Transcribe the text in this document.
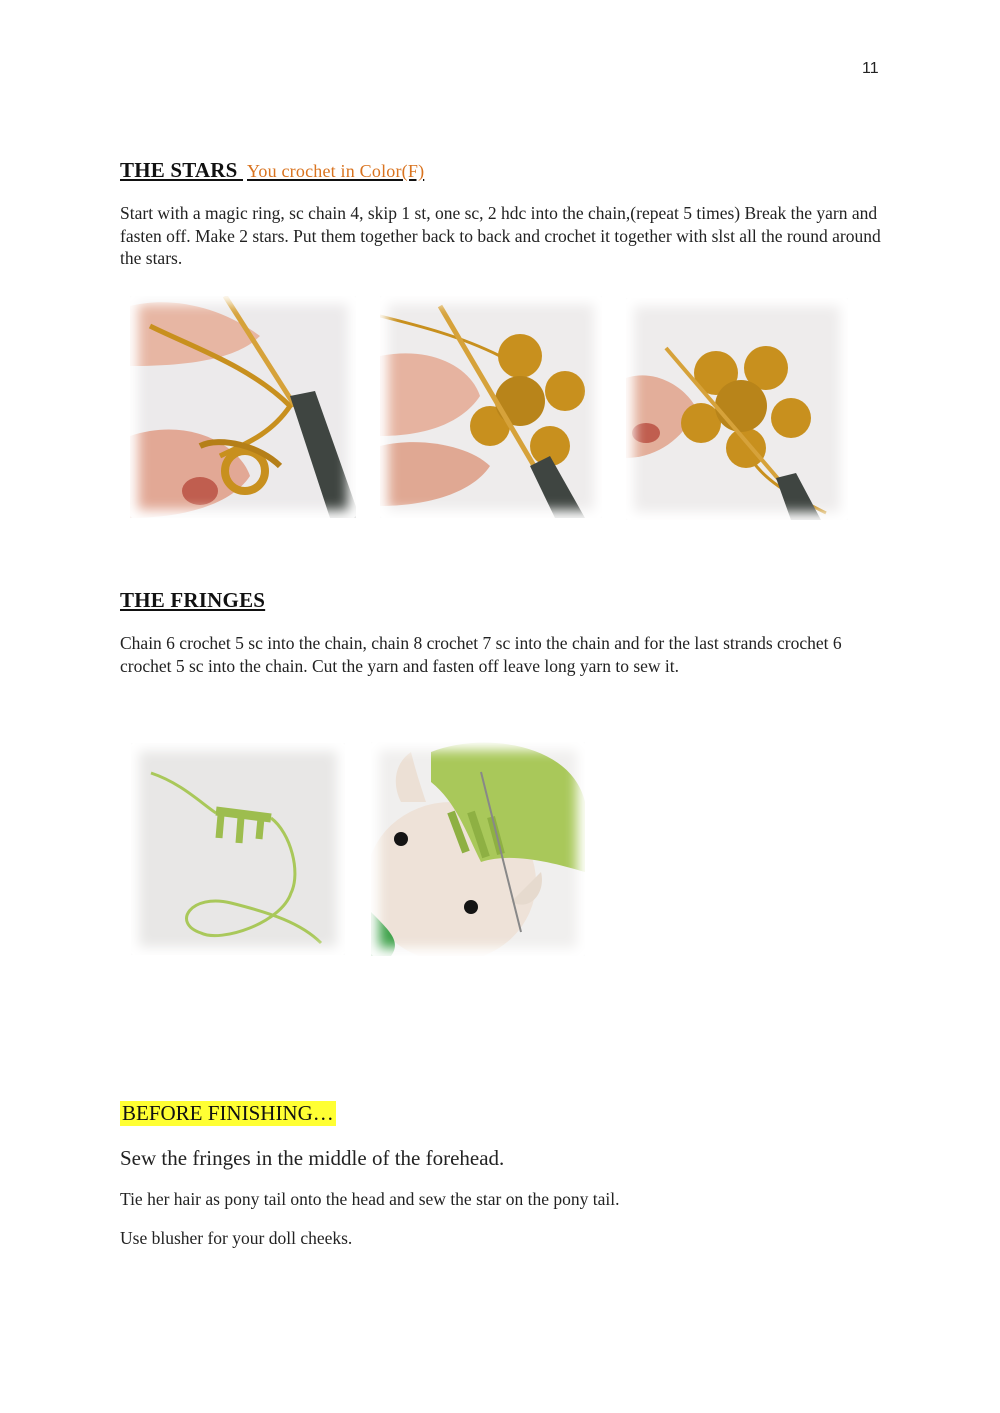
11
THE STARS You crochet in Color(F)
Start with a magic ring, sc chain 4, skip 1 st, one sc, 2 hdc into the chain,(repeat 5 times) Break the yarn and fasten off. Make 2 stars. Put them together back to back and crochet it together with slst all the round around the stars.
THE FRINGES
Chain 6 crochet 5 sc into the chain, chain 8 crochet 7 sc into the chain and for the last strands crochet 6 crochet 5 sc into the chain. Cut the yarn and fasten off leave long yarn to sew it.
BEFORE FINISHING…
Sew the fringes in the middle of the forehead.
Tie her hair as pony tail onto the head and sew the star on the pony tail.
Use blusher for your doll cheeks.
